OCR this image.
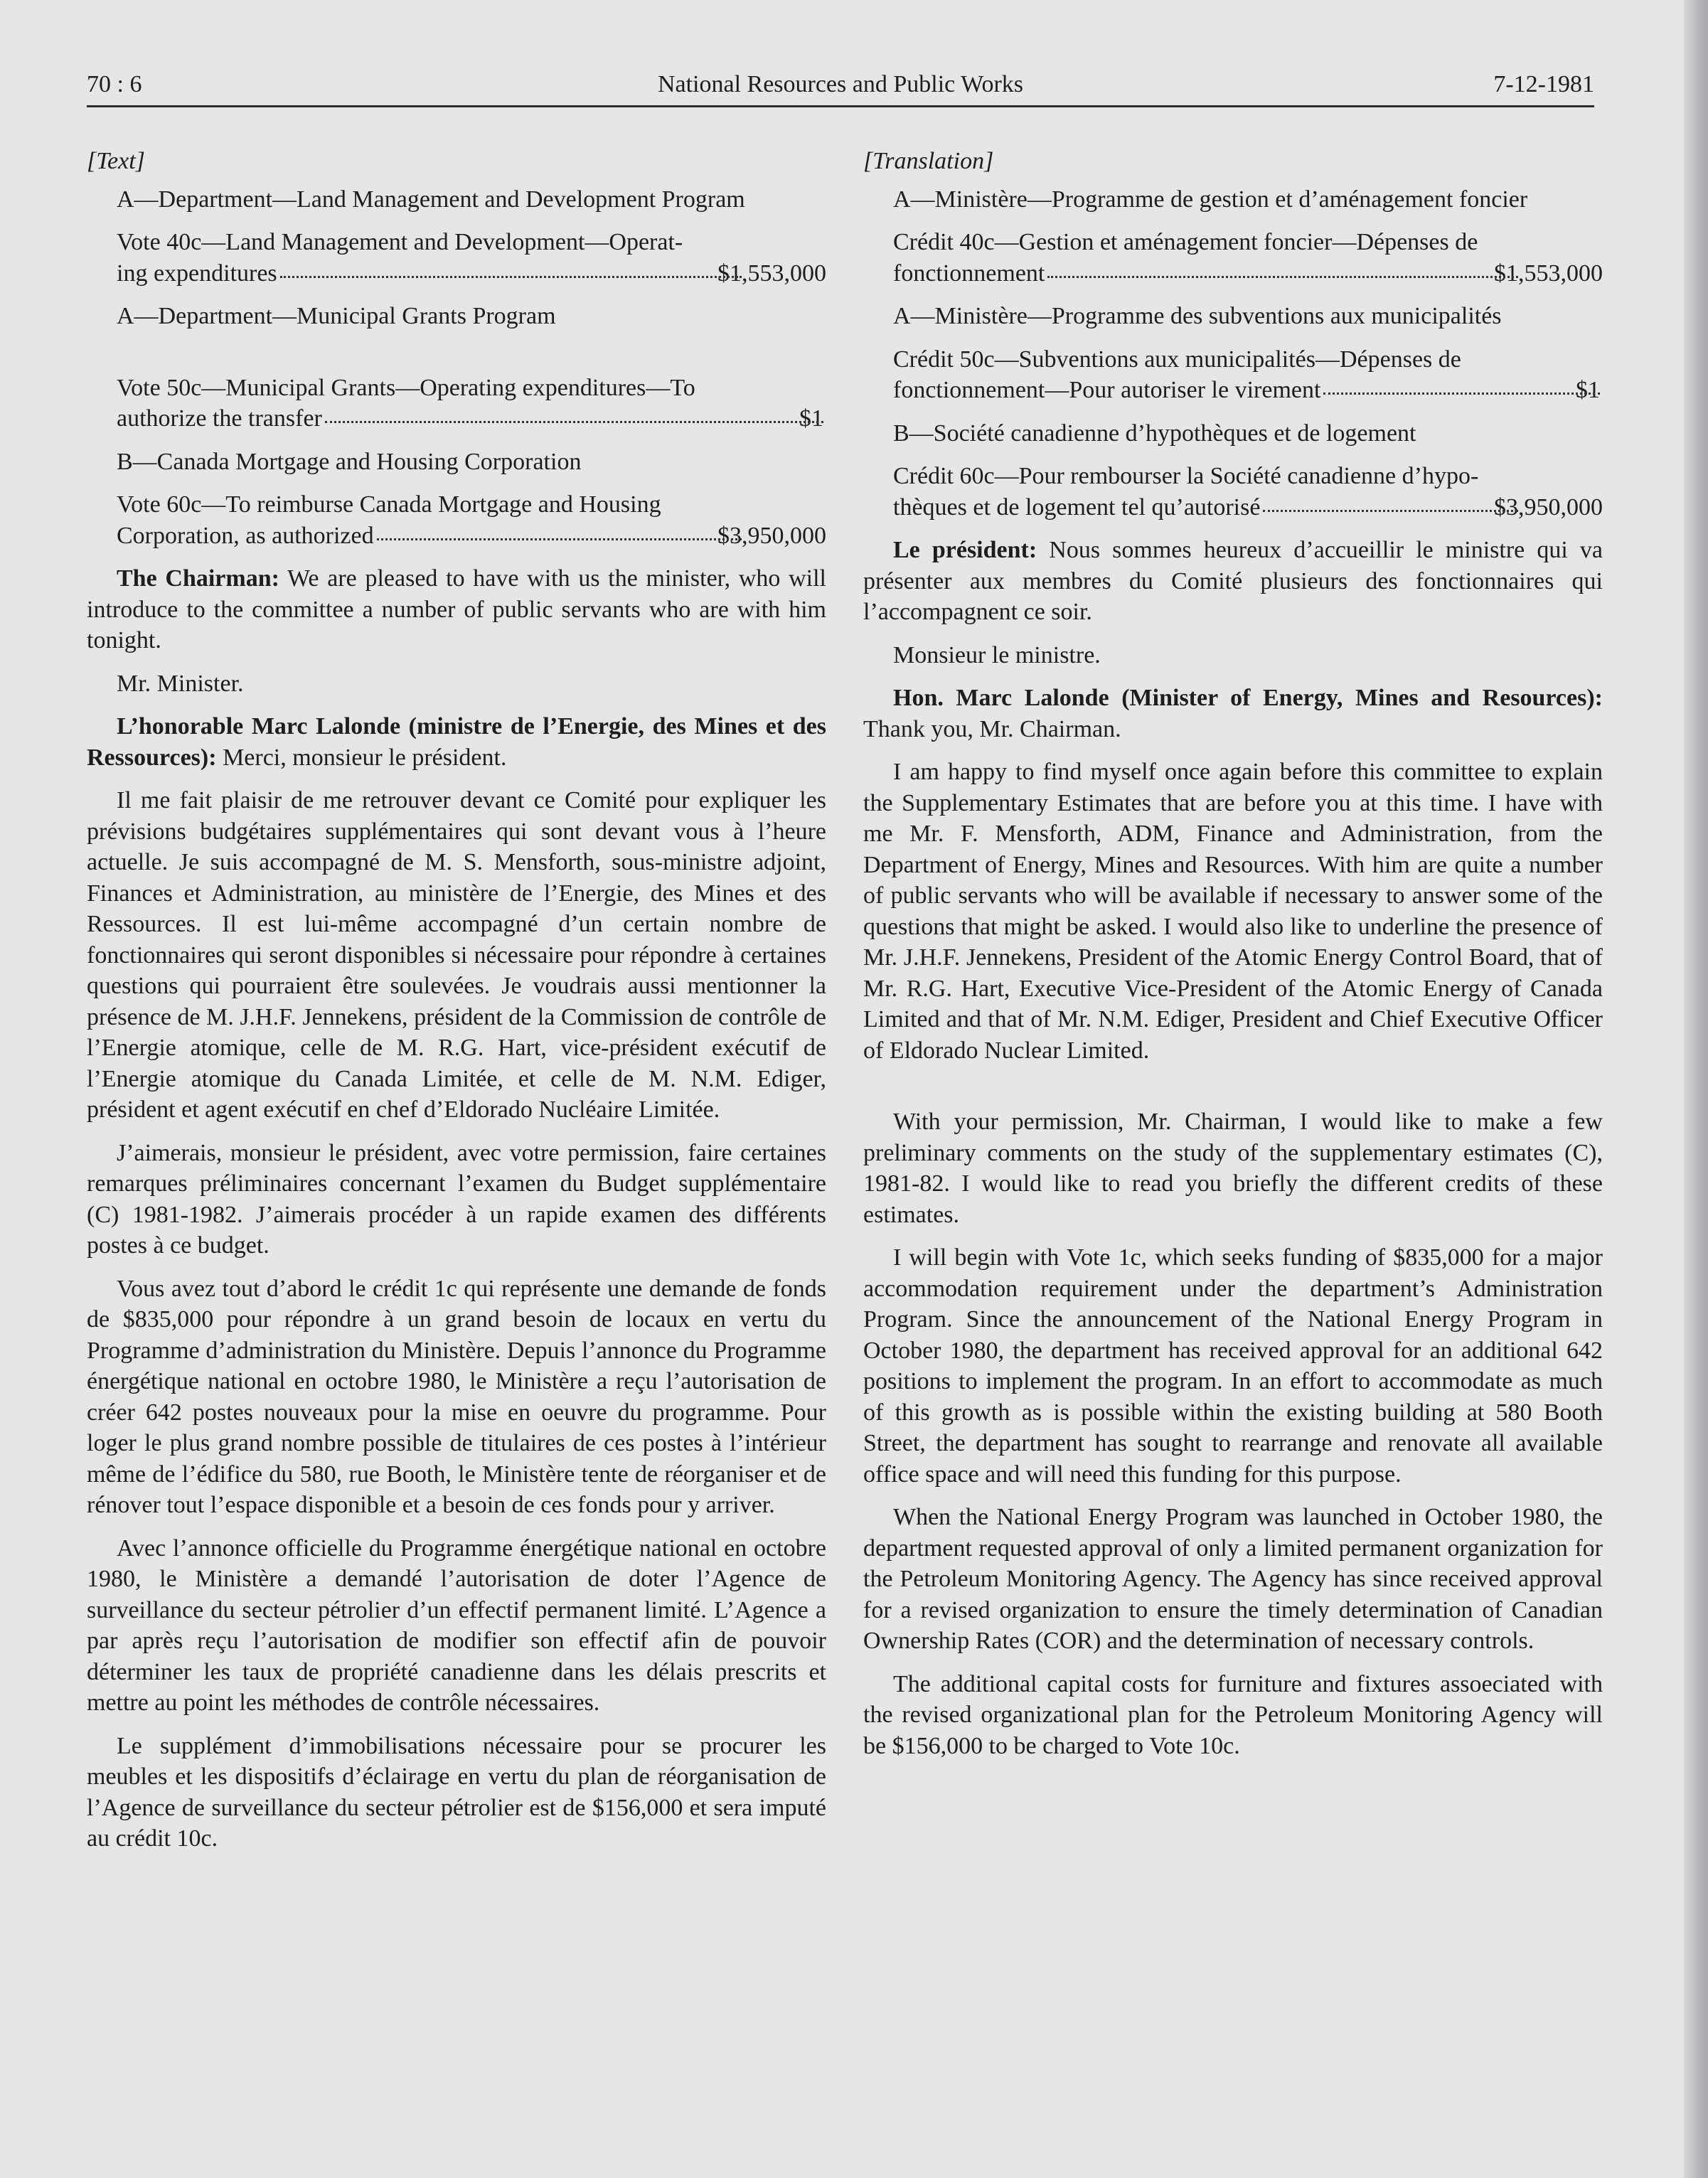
70 : 6	National Resources and Public Works	7-12-1981

[Text]

A—Department—Land Management and Development Program

Vote 40c—Land Management and Development—Operat-
ing expenditures	$1,553,000

A—Department—Municipal Grants Program

Vote 50c—Municipal Grants—Operating expenditures—To
authorize the transfer	$1

B—Canada Mortgage and Housing Corporation

Vote 60c—To reimburse Canada Mortgage and Housing
Corporation, as authorized	$3,950,000

The Chairman: We are pleased to have with us the minister, who will introduce to the committee a number of public servants who are with him tonight.

Mr. Minister.

L’honorable Marc Lalonde (ministre de l’Energie, des Mines et des Ressources): Merci, monsieur le président.

Il me fait plaisir de me retrouver devant ce Comité pour expliquer les prévisions budgétaires supplémentaires qui sont devant vous à l’heure actuelle. Je suis accompagné de M. S. Mensforth, sous-ministre adjoint, Finances et Administration, au ministère de l’Energie, des Mines et des Ressources. Il est lui-même accompagné d’un certain nombre de fonctionnaires qui seront disponibles si nécessaire pour répondre à certaines questions qui pourraient être soulevées. Je voudrais aussi mentionner la présence de M. J.H.F. Jennekens, président de la Commission de contrôle de l’Energie atomique, celle de M. R.G. Hart, vice-président exécutif de l’Energie atomique du Canada Limitée, et celle de M. N.M. Ediger, président et agent exécutif en chef d’Eldorado Nucléaire Limitée.

J’aimerais, monsieur le président, avec votre permission, faire certaines remarques préliminaires concernant l’examen du Budget supplémentaire (C) 1981-1982. J’aimerais procéder à un rapide examen des différents postes à ce budget.

Vous avez tout d’abord le crédit 1c qui représente une demande de fonds de $835,000 pour répondre à un grand besoin de locaux en vertu du Programme d’administration du Ministère. Depuis l’annonce du Programme énergétique national en octobre 1980, le Ministère a reçu l’autorisation de créer 642 postes nouveaux pour la mise en oeuvre du programme. Pour loger le plus grand nombre possible de titulaires de ces postes à l’intérieur même de l’édifice du 580, rue Booth, le Ministère tente de réorganiser et de rénover tout l’espace disponible et a besoin de ces fonds pour y arriver.

Avec l’annonce officielle du Programme énergétique national en octobre 1980, le Ministère a demandé l’autorisation de doter l’Agence de surveillance du secteur pétrolier d’un effectif permanent limité. L’Agence a par après reçu l’autorisation de modifier son effectif afin de pouvoir déterminer les taux de propriété canadienne dans les délais prescrits et mettre au point les méthodes de contrôle nécessaires.

Le supplément d’immobilisations nécessaire pour se procurer les meubles et les dispositifs d’éclairage en vertu du plan de réorganisation de l’Agence de surveillance du secteur pétrolier est de $156,000 et sera imputé au crédit 10c.

[Translation]

A—Ministère—Programme de gestion et d’aménagement foncier

Crédit 40c—Gestion et aménagement foncier—Dépenses de
fonctionnement	$1,553,000

A—Ministère—Programme des subventions aux municipalités

Crédit 50c—Subventions aux municipalités—Dépenses de
fonctionnement—Pour autoriser le virement	$1

B—Société canadienne d’hypothèques et de logement

Crédit 60c—Pour rembourser la Société canadienne d’hypo-
thèques et de logement tel qu’autorisé	$3,950,000

Le président: Nous sommes heureux d’accueillir le ministre qui va présenter aux membres du Comité plusieurs des fonctionnaires qui l’accompagnent ce soir.

Monsieur le ministre.

Hon. Marc Lalonde (Minister of Energy, Mines and Resources): Thank you, Mr. Chairman.

I am happy to find myself once again before this committee to explain the Supplementary Estimates that are before you at this time. I have with me Mr. F. Mensforth, ADM, Finance and Administration, from the Department of Energy, Mines and Resources. With him are quite a number of public servants who will be available if necessary to answer some of the questions that might be asked. I would also like to underline the presence of Mr. J.H.F. Jennekens, President of the Atomic Energy Control Board, that of Mr. R.G. Hart, Executive Vice-President of the Atomic Energy of Canada Limited and that of Mr. N.M. Ediger, President and Chief Executive Officer of Eldorado Nuclear Limited.

With your permission, Mr. Chairman, I would like to make a few preliminary comments on the study of the supplementary estimates (C), 1981-82. I would like to read you briefly the different credits of these estimates.

I will begin with Vote 1c, which seeks funding of $835,000 for a major accommodation requirement under the department’s Administration Program. Since the announcement of the National Energy Program in October 1980, the department has received approval for an additional 642 positions to implement the program. In an effort to accommodate as much of this growth as is possible within the existing building at 580 Booth Street, the department has sought to rearrange and renovate all available office space and will need this funding for this purpose.

When the National Energy Program was launched in October 1980, the department requested approval of only a limited permanent organization for the Petroleum Monitoring Agency. The Agency has since received approval for a revised organization to ensure the timely determination of Canadian Ownership Rates (COR) and the determination of necessary controls.

The additional capital costs for furniture and fixtures assoeciated with the revised organizational plan for the Petroleum Monitoring Agency will be $156,000 to be charged to Vote 10c.
